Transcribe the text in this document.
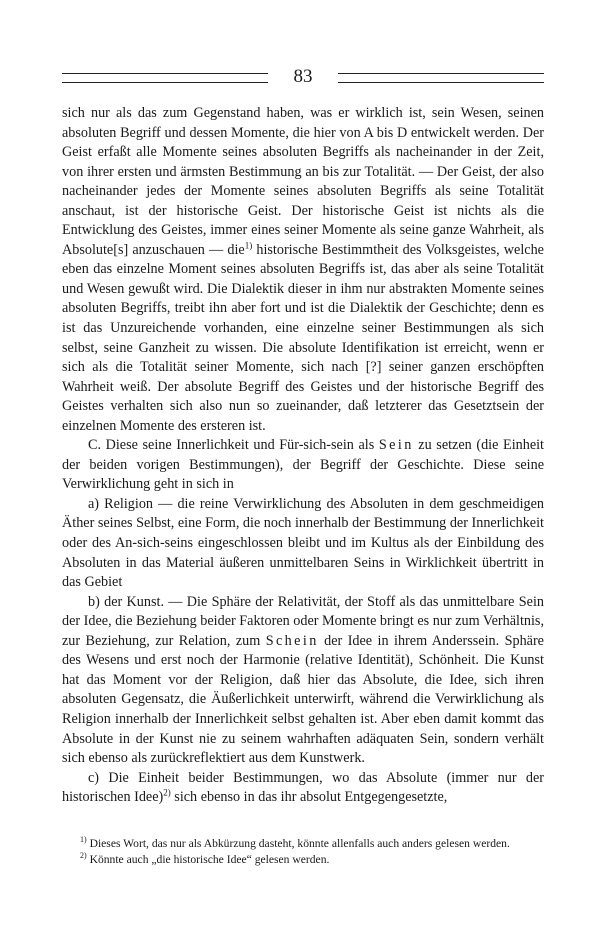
83

sich nur als das zum Gegenstand haben, was er wirklich ist, sein Wesen, seinen absoluten Begriff und dessen Momente, die hier von A bis D entwickelt werden. Der Geist erfaßt alle Momente seines absoluten Begriffs als nacheinander in der Zeit, von ihrer ersten und ärmsten Bestimmung an bis zur Totalität. — Der Geist, der also nacheinander jedes der Momente seines absoluten Begriffs als seine Totalität anschaut, ist der historische Geist. Der historische Geist ist nichts als die Entwicklung des Geistes, immer eines seiner Momente als seine ganze Wahrheit, als Absolute[s] anzuschauen — die$^{1)}$ historische Bestimmtheit des Volksgeistes, welche eben das einzelne Moment seines absoluten Begriffs ist, das aber als seine Totalität und Wesen gewußt wird. Die Dialektik dieser in ihm nur abstrakten Momente seines absoluten Begriffs, treibt ihn aber fort und ist die Dialektik der Geschichte; denn es ist das Unzureichende vorhanden, eine einzelne seiner Bestimmungen als sich selbst, seine Ganzheit zu wissen. Die absolute Identifikation ist erreicht, wenn er sich als die Totalität seiner Momente, sich nach [?] seiner ganzen erschöpften Wahrheit weiß. Der absolute Begriff des Geistes und der historische Begriff des Geistes verhalten sich also nun so zueinander, daß letzterer das Gesetztsein der einzelnen Momente des ersteren ist.

C. Diese seine Innerlichkeit und Für-sich-sein als Sein zu setzen (die Einheit der beiden vorigen Bestimmungen), der Begriff der Geschichte. Diese seine Verwirklichung geht in sich in

a) Religion — die reine Verwirklichung des Absoluten in dem geschmeidigen Äther seines Selbst, eine Form, die noch innerhalb der Bestimmung der Innerlichkeit oder des An-sich-seins eingeschlossen bleibt und im Kultus als der Einbildung des Absoluten in das Material äußeren unmittelbaren Seins in Wirklichkeit übertritt in das Gebiet

b) der Kunst. — Die Sphäre der Relativität, der Stoff als das unmittelbare Sein der Idee, die Beziehung beider Faktoren oder Momente bringt es nur zum Verhältnis, zur Beziehung, zur Relation, zum Schein der Idee in ihrem Anderssein. Sphäre des Wesens und erst noch der Harmonie (relative Identität), Schönheit. Die Kunst hat das Moment vor der Religion, daß hier das Absolute, die Idee, sich ihren absoluten Gegensatz, die Äußerlichkeit unterwirft, während die Verwirklichung als Religion innerhalb der Innerlichkeit selbst gehalten ist. Aber eben damit kommt das Absolute in der Kunst nie zu seinem wahrhaften adäquaten Sein, sondern verhält sich ebenso als zurückreflektiert aus dem Kunstwerk.

c) Die Einheit beider Bestimmungen, wo das Absolute (immer nur der historischen Idee)$^{2)}$ sich ebenso in das ihr absolut Entgegengesetzte,

$^{1)}$ Dieses Wort, das nur als Abkürzung dasteht, könnte allenfalls auch anders gelesen werden.

$^{2)}$ Könnte auch „die historische Idee“ gelesen werden.
